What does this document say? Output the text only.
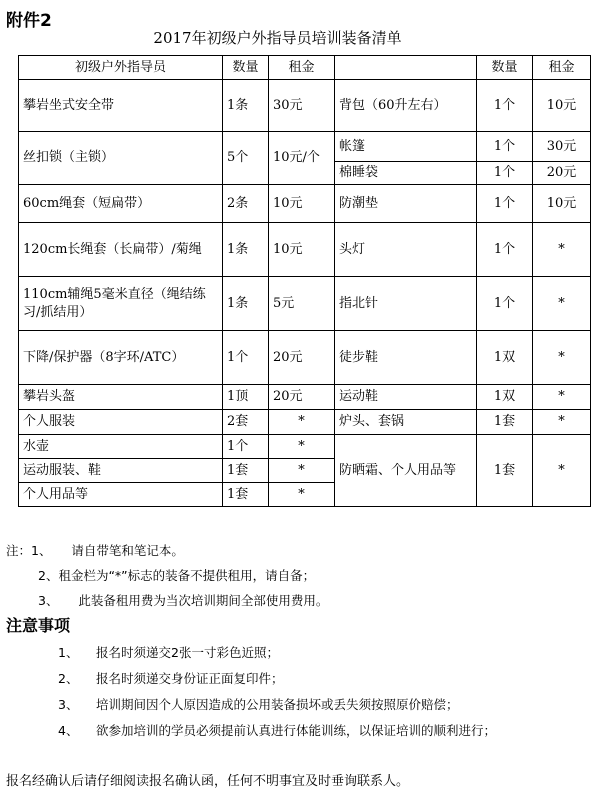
附件2
2017年初级户外指导员培训装备清单
初级户外指导员	数量	租金		数量	租金
攀岩坐式安全带	1条	30元	背包（60升左右）	1个	10元
丝扣锁（主锁）	5个	10元/个	帐篷	1个	30元
			棉睡袋	1个	20元
60cm绳套（短扁带）	2条	10元	防潮垫	1个	10元
120cm长绳套（长扁带）/菊绳	1条	10元	头灯	1个	*
110cm辅绳5毫米直径（绳结练习/抓结用）	1条	5元	指北针	1个	*
下降/保护器（8字环/ATC）	1个	20元	徒步鞋	1双	*
攀岩头盔	1顶	20元	运动鞋	1双	*
个人服装	2套	*	炉头、套锅	1套	*
水壶	1个	*	防晒霜、个人用品等	1套	*
运动服装、鞋	1套	*			
个人用品等	1套	*			
注：1、 请自带笔和笔记本。
2、租金栏为“*”标志的装备不提供租用，请自备；
3、 此装备租用费为当次培训期间全部使用费用。
注意事项
1、 报名时须递交2张一寸彩色近照；
2、 报名时须递交身份证正面复印件；
3、 培训期间因个人原因造成的公用装备损坏或丢失须按照原价赔偿；
4、 欲参加培训的学员必须提前认真进行体能训练，以保证培训的顺利进行；
报名经确认后请仔细阅读报名确认函，任何不明事宜及时垂询联系人。
